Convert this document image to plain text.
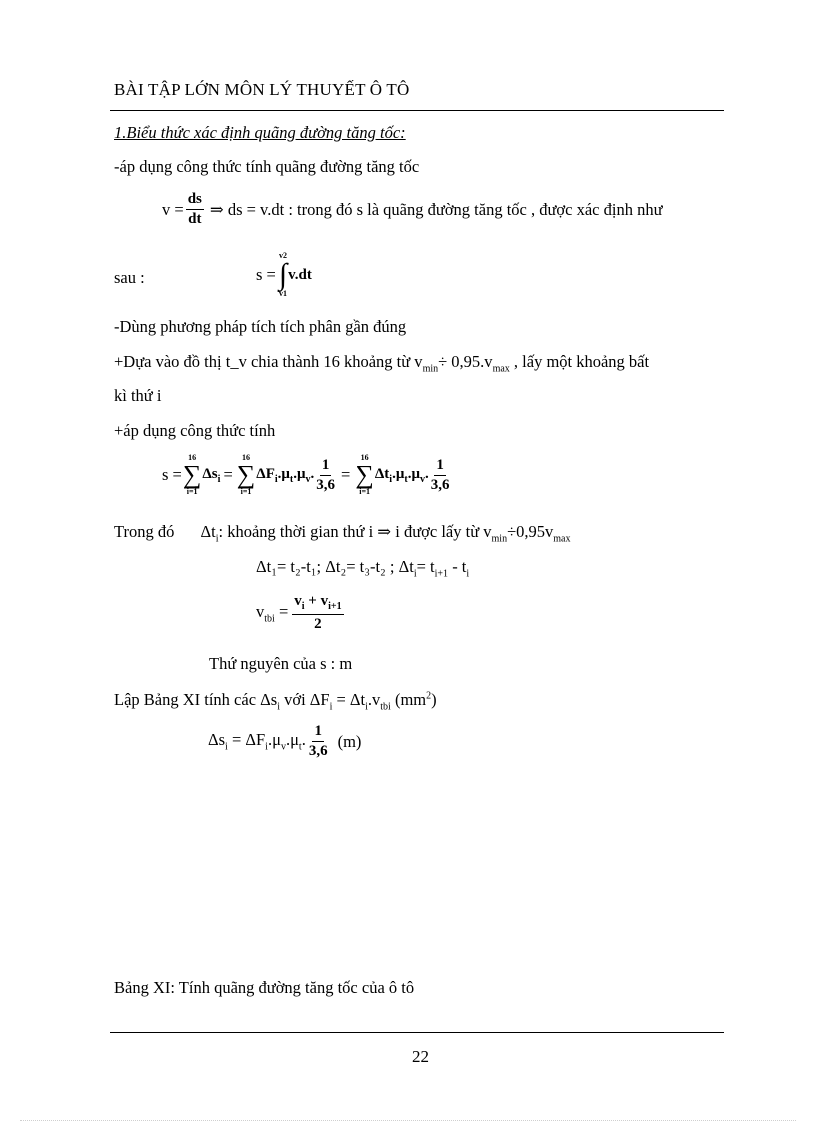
BÀI TẬP LỚN MÔN LÝ THUYẾT Ô TÔ
1.Biểu thức xác định quãng đường tăng tốc:
-áp dụng công thức tính quãng đường tăng tốc
$v = \frac{ds}{dt}$ ⇒ ds = v.dt : trong đó s là quãng đường tăng tốc , được xác định như
sau :	s =
v2
∫
v1
v.dt
-Dùng phương pháp tích tích phân gần đúng
+Dựa vào đồ thị t_v chia thành 16 khoảng từ $v_{min}\div 0,95.v_{max}$ , lấy một khoảng bất
kì thứ i
+áp dụng công thức tính
s =
16
∑
i=1
$\Delta s_i$ =
16
∑
i=1
$\Delta F_i.\mu_t.\mu_v$. $\frac{1}{3,6}$ =
16
∑
i=1
$\Delta t_i.\mu_t.\mu_v$. $\frac{1}{3,6}$
Trong đó $\Delta t_i$: khoảng thời gian thứ i ⇒ i được lấy từ $v_{min}\div 0,95v_{max}$
Δt₁= t₂-t₁; Δt₂= t₃-t₂ ; $\Delta t_i= t_{i+1} - t_i$
$v_{tbi} = \frac{v_i + v_{i+1}}{2}$
Thứ nguyên của s : m
Lập Bảng XI tính các $\Delta s_i$ với $\Delta F_i = \Delta t_i.v_{tbi}$ $(mm^2)$
$\Delta s_i = \Delta F_i.\mu_v.\mu_t$. $\frac{1}{3,6} (m)$
Bảng XI: Tính quãng đường tăng tốc của ô tô
22
